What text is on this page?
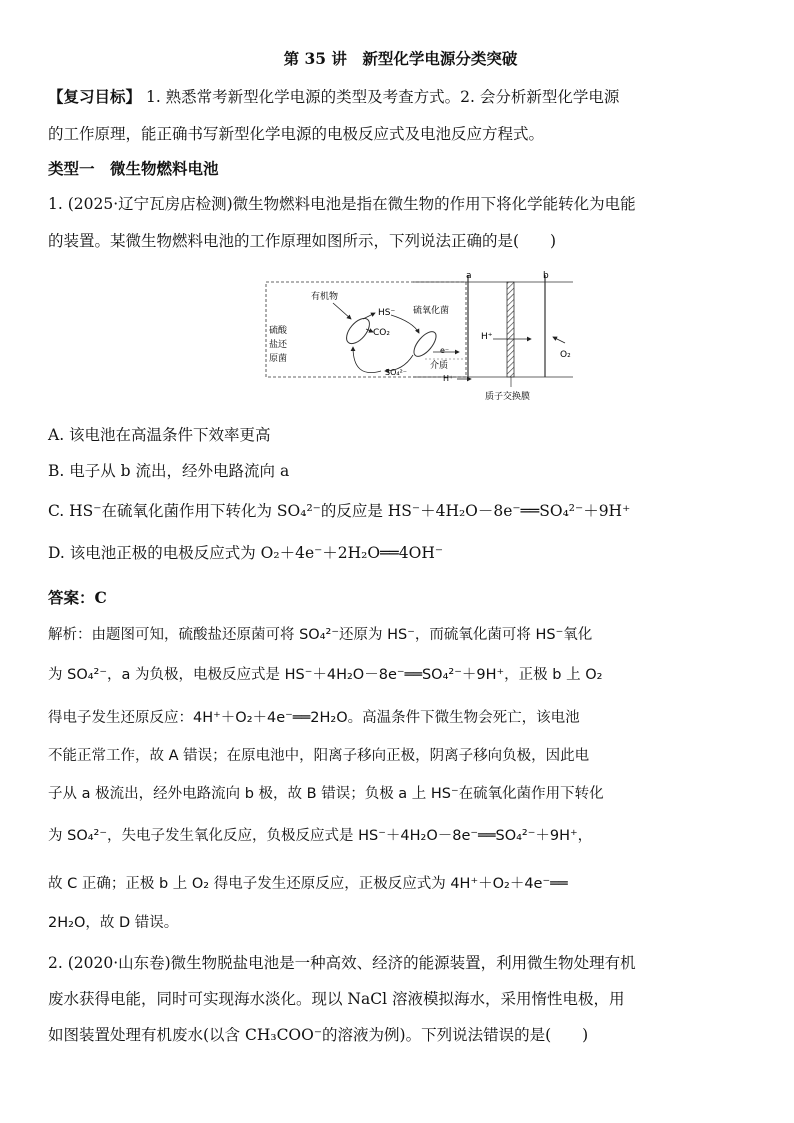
第 35 讲　新型化学电源分类突破
【复习目标】 1. 熟悉常考新型化学电源的类型及考查方式。2. 会分析新型化学电源
的工作原理，能正确书写新型化学电源的电极反应式及电池反应方程式。
类型一　微生物燃料电池
1. (2025·辽宁瓦房店检测)微生物燃料电池是指在微生物的作用下将化学能转化为电能
的装置。某微生物燃料电池的工作原理如图所示，下列说法正确的是(　　)
a	b
质子交换膜
有机物
HS⁻
CO₂
硫氧化菌
硫酸
盐还
原菌
e⁻
介质
SO₄²⁻
H⁺
H⁺
O₂
A. 该电池在高温条件下效率更高
B. 电子从 b 流出，经外电路流向 a
C. HS⁻在硫氧化菌作用下转化为 SO₄²⁻的反应是 HS⁻＋4H₂O－8e⁻══SO₄²⁻＋9H⁺
D. 该电池正极的电极反应式为 O₂＋4e⁻＋2H₂O══4OH⁻
答案：C
解析：由题图可知，硫酸盐还原菌可将 SO₄²⁻还原为 HS⁻，而硫氧化菌可将 HS⁻氧化
为 SO₄²⁻，a 为负极，电极反应式是 HS⁻＋4H₂O－8e⁻══SO₄²⁻＋9H⁺，正极 b 上 O₂
得电子发生还原反应：4H⁺＋O₂＋4e⁻══2H₂O。高温条件下微生物会死亡，该电池
不能正常工作，故 A 错误；在原电池中，阳离子移向正极，阴离子移向负极，因此电
子从 a 极流出，经外电路流向 b 极，故 B 错误；负极 a 上 HS⁻在硫氧化菌作用下转化
为 SO₄²⁻，失电子发生氧化反应，负极反应式是 HS⁻＋4H₂O－8e⁻══SO₄²⁻＋9H⁺，
故 C 正确；正极 b 上 O₂ 得电子发生还原反应，正极反应式为 4H⁺＋O₂＋4e⁻══
2H₂O，故 D 错误。
2. (2020·山东卷)微生物脱盐电池是一种高效、经济的能源装置，利用微生物处理有机
废水获得电能，同时可实现海水淡化。现以 NaCl 溶液模拟海水，采用惰性电极，用
如图装置处理有机废水(以含 CH₃COO⁻的溶液为例)。下列说法错误的是(　　)
